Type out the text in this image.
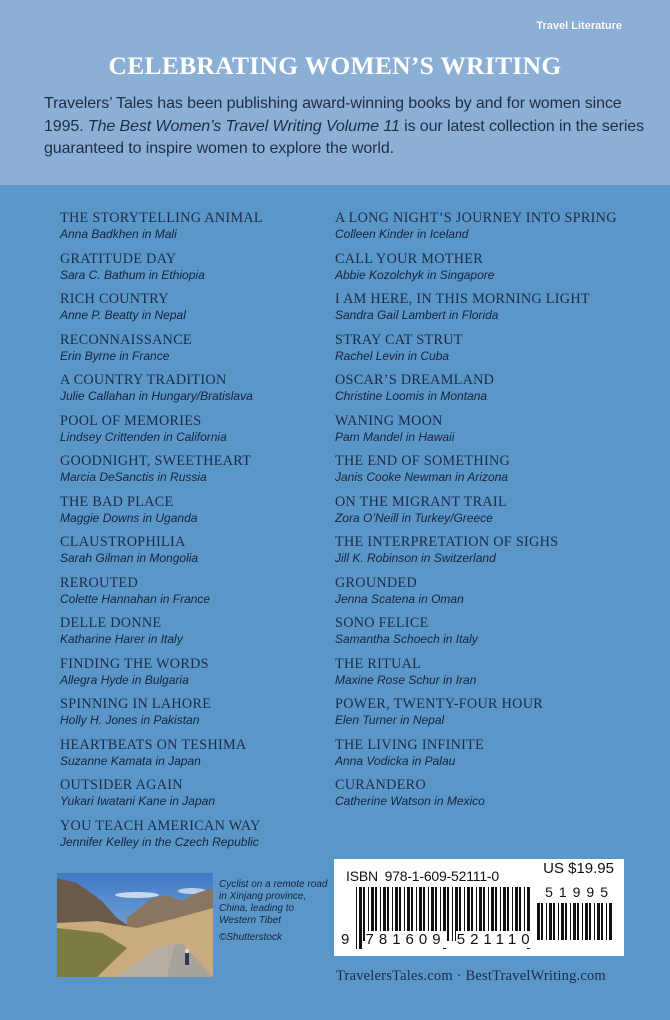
Travel Literature
CELEBRATING WOMEN’S WRITING

Travelers’ Tales has been publishing award-winning books by and for women since 1995. The Best Women’s Travel Writing Volume 11 is our latest collection in the series guaranteed to inspire women to explore the world.

THE STORYTELLING ANIMAL
Anna Badkhen in Mali
GRATITUDE DAY
Sara C. Bathum in Ethiopia
RICH COUNTRY
Anne P. Beatty in Nepal
RECONNAISSANCE
Erin Byrne in France
A COUNTRY TRADITION
Julie Callahan in Hungary/Bratislava
POOL OF MEMORIES
Lindsey Crittenden in California
GOODNIGHT, SWEETHEART
Marcia DeSanctis in Russia
THE BAD PLACE
Maggie Downs in Uganda
CLAUSTROPHILIA
Sarah Gilman in Mongolia
REROUTED
Colette Hannahan in France
DELLE DONNE
Katharine Harer in Italy
FINDING THE WORDS
Allegra Hyde in Bulgaria
SPINNING IN LAHORE
Holly H. Jones in Pakistan
HEARTBEATS ON TESHIMA
Suzanne Kamata in Japan
OUTSIDER AGAIN
Yukari Iwatani Kane in Japan
YOU TEACH AMERICAN WAY
Jennifer Kelley in the Czech Republic
A LONG NIGHT’S JOURNEY INTO SPRING
Colleen Kinder in Iceland
CALL YOUR MOTHER
Abbie Kozolchyk in Singapore
I AM HERE, IN THIS MORNING LIGHT
Sandra Gail Lambert in Florida
STRAY CAT STRUT
Rachel Levin in Cuba
OSCAR’S DREAMLAND
Christine Loomis in Montana
WANING MOON
Pam Mandel in Hawaii
THE END OF SOMETHING
Janis Cooke Newman in Arizona
ON THE MIGRANT TRAIL
Zora O’Neill in Turkey/Greece
THE INTERPRETATION OF SIGHS
Jill K. Robinson in Switzerland
GROUNDED
Jenna Scatena in Oman
SONO FELICE
Samantha Schoech in Italy
THE RITUAL
Maxine Rose Schur in Iran
POWER, TWENTY-FOUR HOUR
Elen Turner in Nepal
THE LIVING INFINITE
Anna Vodicka in Palau
CURANDERO
Catherine Watson in Mexico
Cyclist on a remote road in Xinjang province, China, leading to Western Tibet
©Shutterstock
ISBN 978-1-609-52111-0	US $19.95
51995
9 781609 521110
TravelersTales.com · BestTravelWriting.com
